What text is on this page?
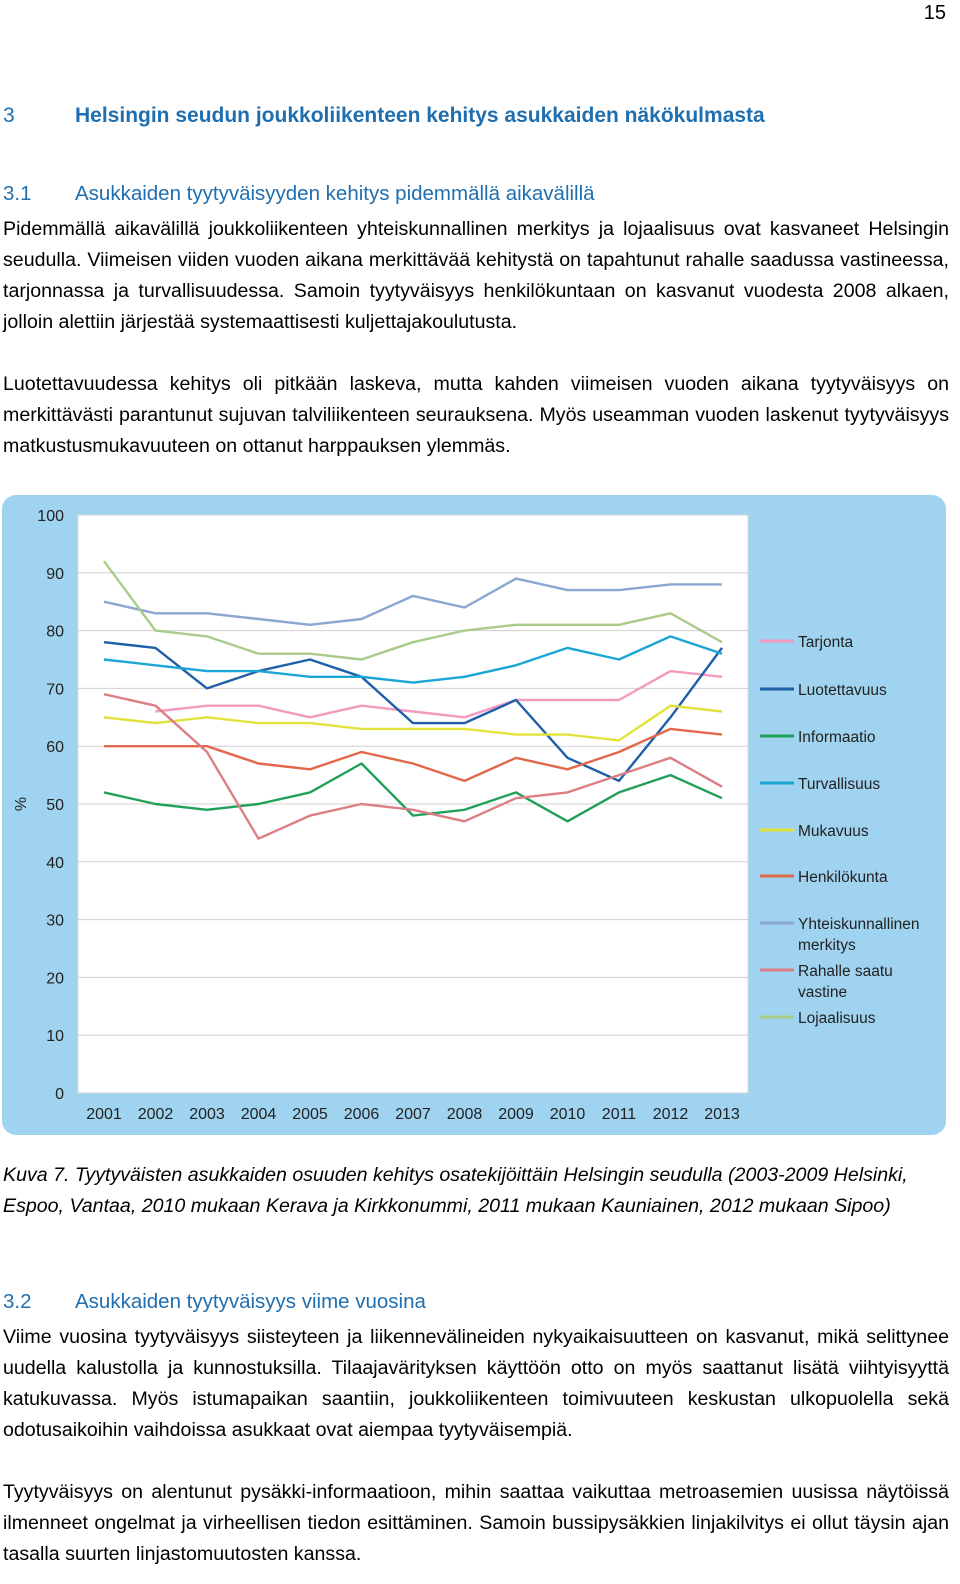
15
3	Helsingin seudun joukkoliikenteen kehitys asukkaiden näkökulmasta
3.1	Asukkaiden tyytyväisyyden kehitys pidemmällä aikavälillä

Pidemmällä aikavälillä joukkoliikenteen yhteiskunnallinen merkitys ja lojaalisuus ovat kasvaneet Helsingin seudulla. Viimeisen viiden vuoden aikana merkittävää kehitystä on tapahtunut rahalle saadussa vastineessa, tarjonnassa ja turvallisuudessa. Samoin tyytyväisyys henkilökuntaan on kasvanut vuodesta 2008 alkaen, jolloin alettiin järjestää systemaattisesti kuljettajakoulutusta.

Luotettavuudessa kehitys oli pitkään laskeva, mutta kahden viimeisen vuoden aikana tyytyväisyys on merkittävästi parantunut sujuvan talviliikenteen seurauksena. Myös useamman vuoden laskenut tyytyväisyys matkustusmukavuuteen on ottanut harppauksen ylemmäs.

0
10
20
30
40
50
60
70
80
90
100
%
2001 2002 2003 2004 2005 2006 2007 2008 2009 2010 2011 2012 2013
Tarjonta
Luotettavuus
Informaatio
Turvallisuus
Mukavuus
Henkilökunta
Yhteiskunnallinen
merkitys
Rahalle saatu
vastine
Lojaalisuus

Kuva 7. Tyytyväisten asukkaiden osuuden kehitys osatekijöittäin Helsingin seudulla (2003-2009 Helsinki, Espoo, Vantaa, 2010 mukaan Kerava ja Kirkkonummi, 2011 mukaan Kauniainen, 2012 mukaan Sipoo)

3.2	Asukkaiden tyytyväisyys viime vuosina

Viime vuosina tyytyväisyys siisteyteen ja liikennevälineiden nykyaikaisuutteen on kasvanut, mikä selittynee uudella kalustolla ja kunnostuksilla. Tilaajavärityksen käyttöön otto on myös saattanut lisätä viihtyisyyttä katukuvassa. Myös istumapaikan saantiin, joukkoliikenteen toimivuuteen keskustan ulkopuolella sekä odotusaikoihin vaihdoissa asukkaat ovat aiempaa tyytyväisempiä.

Tyytyväisyys on alentunut pysäkki-informaatioon, mihin saattaa vaikuttaa metroasemien uusissa näytöissä ilmenneet ongelmat ja virheellisen tiedon esittäminen. Samoin bussipysäkkien linjakilvitys ei ollut täysin ajan tasalla suurten linjastomuutosten kanssa.
